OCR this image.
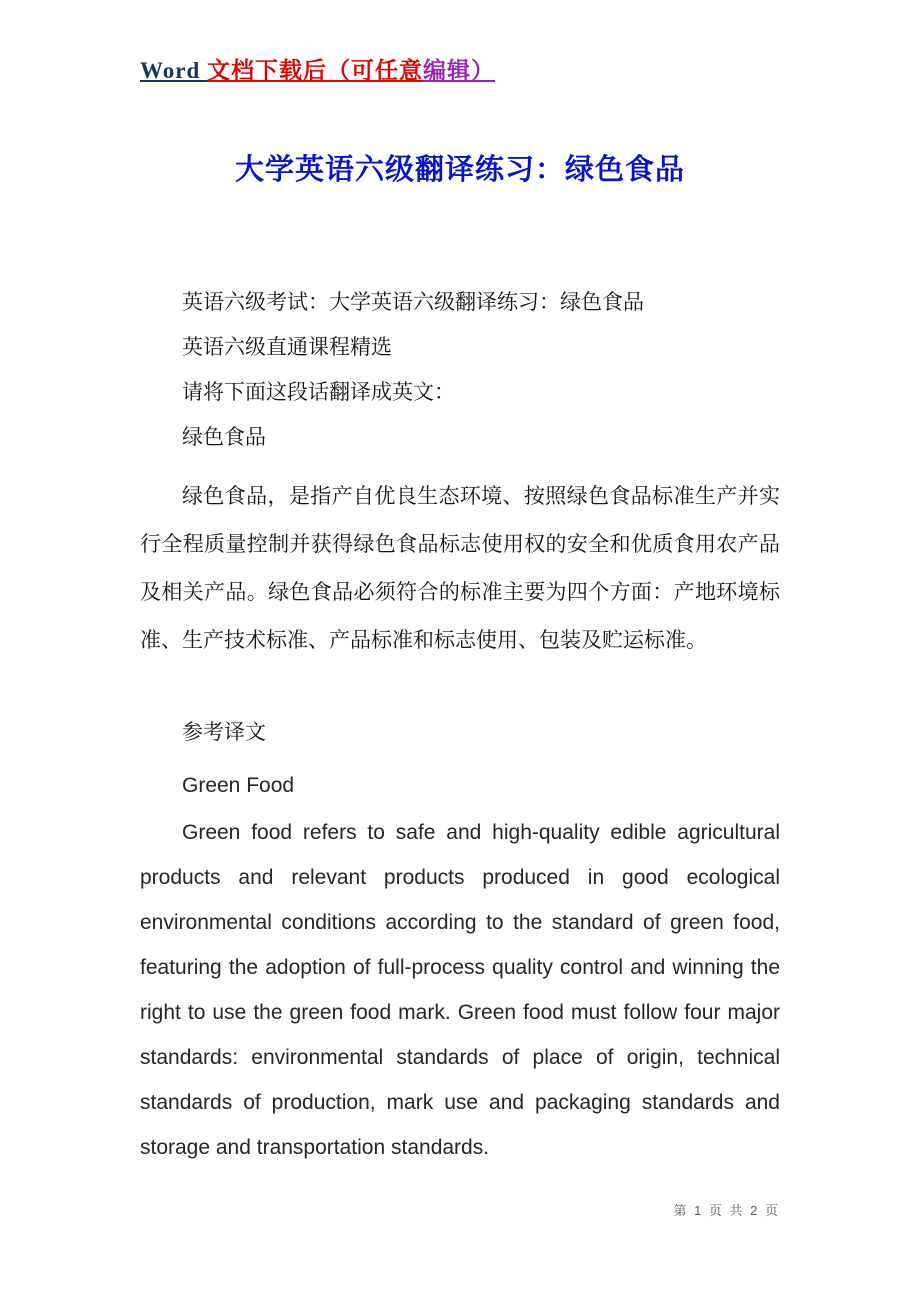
Word 文档下载后（可任意编辑）
大学英语六级翻译练习：绿色食品

英语六级考试：大学英语六级翻译练习：绿色食品

英语六级直通课程精选

请将下面这段话翻译成英文：

绿色食品

绿色食品，是指产自优良生态环境、按照绿色食品标准生产并实行全程质量控制并获得绿色食品标志使用权的安全和优质食用农产品及相关产品。绿色食品必须符合的标准主要为四个方面：产地环境标准、生产技术标准、产品标准和标志使用、包装及贮运标准。

参考译文

Green Food

Green food refers to safe and high-quality edible agricultural products and relevant products produced in good ecological environmental conditions according to the standard of green food, featuring the adoption of full-process quality control and winning the right to use the green food mark. Green food must follow four major standards: environmental standards of place of origin, technical standards of production, mark use and packaging standards and storage and transportation standards.

第 1 页 共 2 页
